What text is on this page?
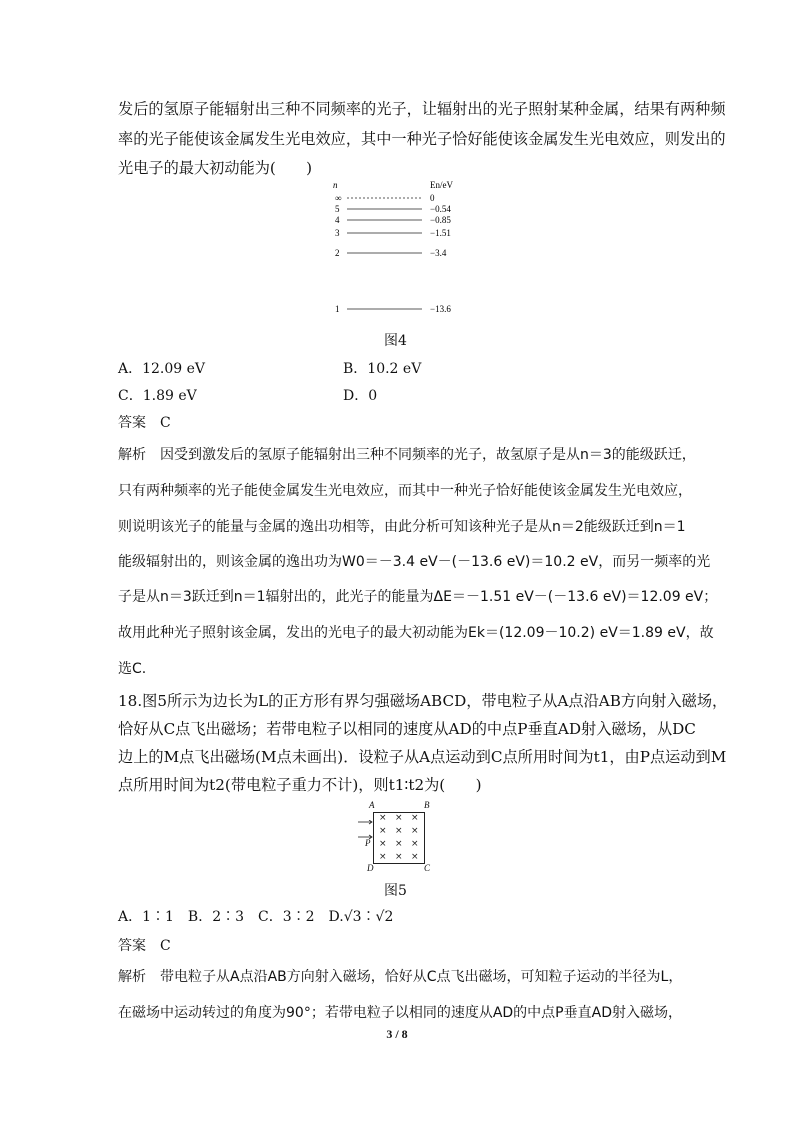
发后的氢原子能辐射出三种不同频率的光子，让辐射出的光子照射某种金属，结果有两种频
率的光子能使该金属发生光电效应，其中一种光子恰好能使该金属发生光电效应，则发出的
光电子的最大初动能为(　　)
n	En/eV
∞	0
5	−0.54
4	−0.85
3	−1.51
2	−3.4
1	−13.6
图4
A．12.09 eV	B．10.2 eV
C．1.89 eV	D．0
答案　C
解析　因受到激发后的氢原子能辐射出三种不同频率的光子，故氢原子是从n＝3的能级跃迁，
只有两种频率的光子能使金属发生光电效应，而其中一种光子恰好能使该金属发生光电效应，
则说明该光子的能量与金属的逸出功相等，由此分析可知该种光子是从n＝2能级跃迁到n＝1
能级辐射出的，则该金属的逸出功为W0＝－3.4 eV－(－13.6 eV)＝10.2 eV，而另一频率的光
子是从n＝3跃迁到n＝1辐射出的，此光子的能量为ΔE＝－1.51 eV－(－13.6 eV)＝12.09 eV；
故用此种光子照射该金属，发出的光电子的最大初动能为Ek＝(12.09－10.2) eV＝1.89 eV，故
选C.
18.图5所示为边长为L的正方形有界匀强磁场ABCD，带电粒子从A点沿AB方向射入磁场，
恰好从C点飞出磁场；若带电粒子以相同的速度从AD的中点P垂直AD射入磁场，从DC
边上的M点飞出磁场(M点未画出)．设粒子从A点运动到C点所用时间为t1，由P点运动到M
点所用时间为t2(带电粒子重力不计)，则t1∶t2为(　　)
A	B
C
D
P
× × ×
× × ×
× × ×
× × ×
图5
A．1∶1　B．2∶3　C．3∶2　D.√3∶√2
答案　C
解析　带电粒子从A点沿AB方向射入磁场，恰好从C点飞出磁场，可知粒子运动的半径为L，
在磁场中运动转过的角度为90°；若带电粒子以相同的速度从AD的中点P垂直AD射入磁场，
3 / 8
